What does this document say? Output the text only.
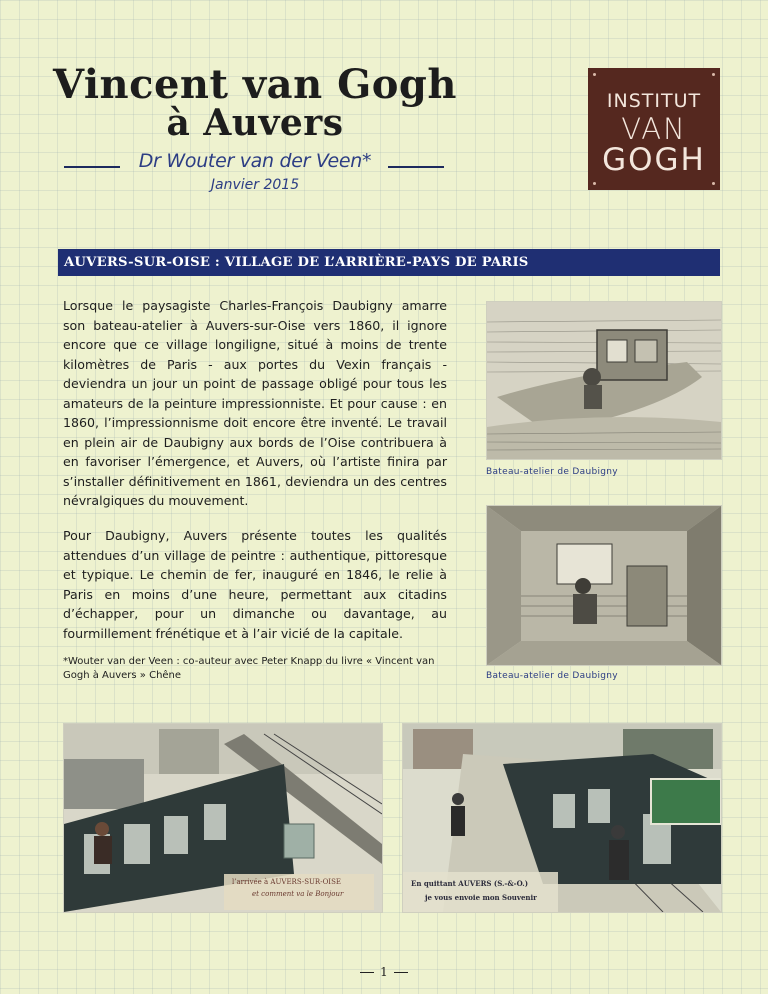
Vincent van Gogh
à Auvers
Dr Wouter van der Veen*
Janvier 2015
INSTITUT
VAN
GOGH
AUVERS-SUR-OISE : VILLAGE DE L’ARRIÈRE-PAYS DE PARIS
Lorsque le paysagiste Charles-François Daubigny amarre son bateau-atelier à Auvers-sur-Oise vers 1860, il ignore encore que ce village longiligne, situé à moins de trente kilomètres de Paris - aux portes du Vexin français - deviendra un jour un point de passage obligé pour tous les amateurs de la peinture impressionniste. Et pour cause : en 1860, l’impressionnisme doit encore être inventé. Le travail en plein air de Daubigny aux bords de l’Oise contribuera à en favoriser l’émergence, et Auvers, où l’artiste finira par s’installer définitivement en 1861, deviendra un des centres névralgiques du mouvement.
Pour Daubigny, Auvers présente toutes les qualités attendues d’un village de peintre : authentique, pittoresque et typique. Le chemin de fer, inauguré en 1846, le relie à Paris en moins d’une heure, permettant aux citadins d’échapper, pour un dimanche ou davantage, au fourmillement frénétique et à l’air vicié de la capitale.
*Wouter van der Veen : co-auteur avec Peter Knapp du livre « Vincent van Gogh à Auvers » Chêne
Bateau-atelier de Daubigny
Bateau-atelier de Daubigny
l’arrivée à AUVERS-SUR-OISE
et comment va le Bonjour
En quittant AUVERS (S.-&-O.)
je vous envoie mon Souvenir
1
